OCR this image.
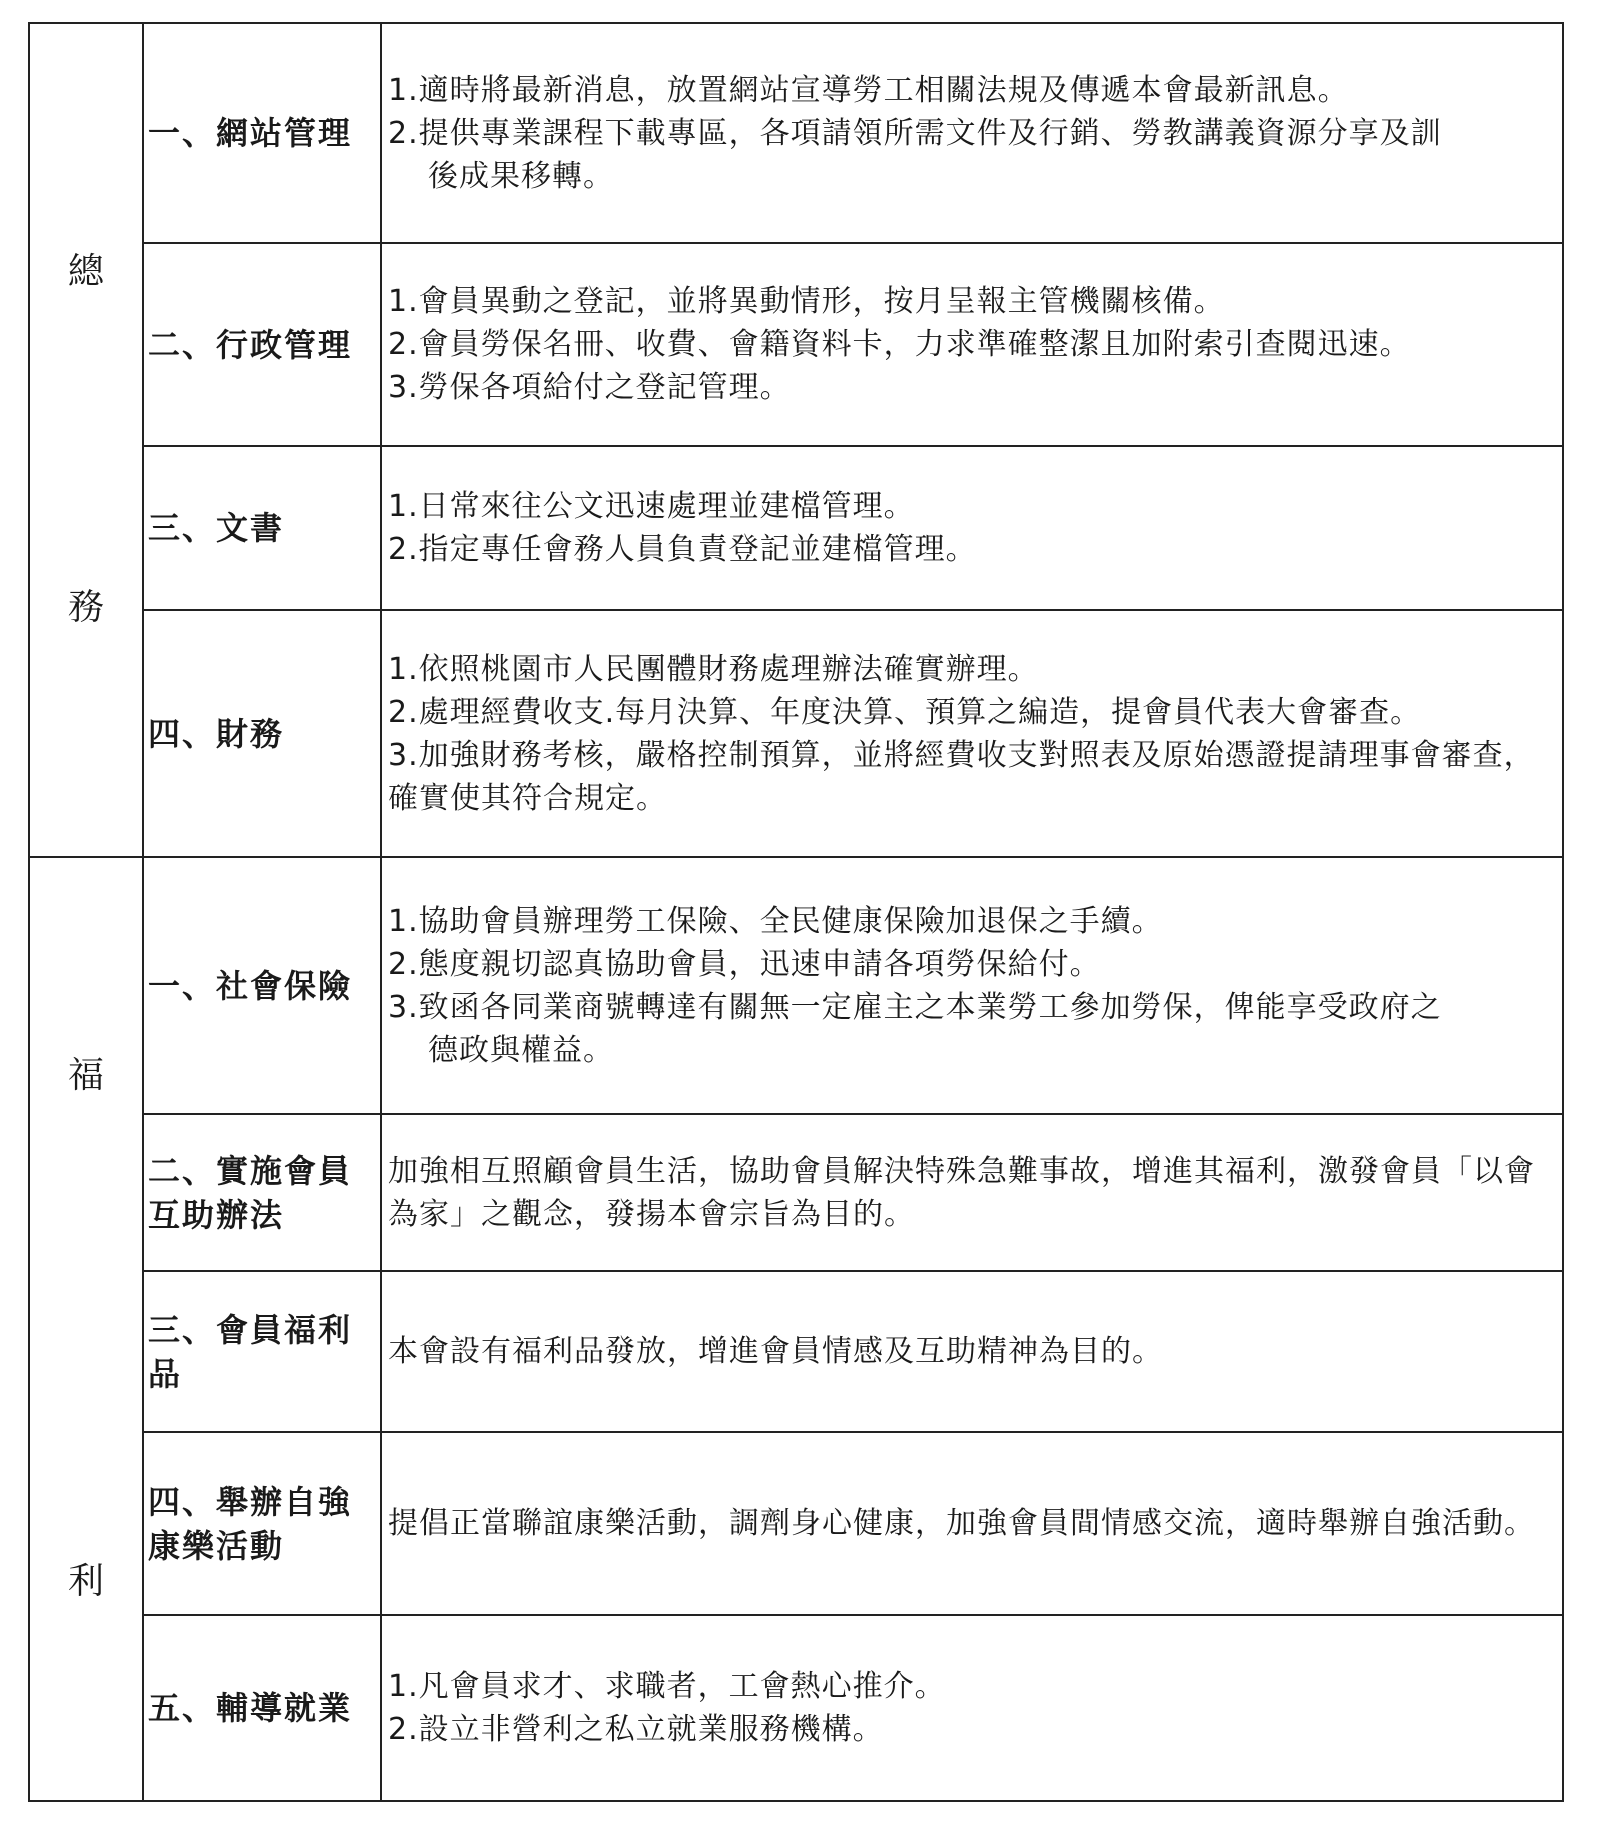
總
務
一、網站管理
1.適時將最新消息，放置網站宣導勞工相關法規及傳遞本會最新訊息。
2.提供專業課程下載專區，各項請領所需文件及行銷、勞教講義資源分享及訓
後成果移轉。
二、行政管理
1.會員異動之登記，並將異動情形，按月呈報主管機關核備。
2.會員勞保名冊、收費、會籍資料卡，力求準確整潔且加附索引查閱迅速。
3.勞保各項給付之登記管理。
三、文書
1.日常來往公文迅速處理並建檔管理。
2.指定專任會務人員負責登記並建檔管理。
四、財務
1.依照桃園市人民團體財務處理辦法確實辦理。
2.處理經費收支.每月決算、年度決算、預算之編造，提會員代表大會審查。
3.加強財務考核，嚴格控制預算，並將經費收支對照表及原始憑證提請理事會審查，確實使其符合規定。
福
利
一、社會保險
1.協助會員辦理勞工保險、全民健康保險加退保之手續。
2.態度親切認真協助會員，迅速申請各項勞保給付。
3.致函各同業商號轉達有關無一定雇主之本業勞工參加勞保，俾能享受政府之
德政與權益。
二、實施會員互助辦法
加強相互照顧會員生活，協助會員解決特殊急難事故，增進其福利，激發會員「以會為家」之觀念，發揚本會宗旨為目的。
三、會員福利品
本會設有福利品發放，增進會員情感及互助精神為目的。
四、舉辦自強康樂活動
提倡正當聯誼康樂活動，調劑身心健康，加強會員間情感交流，適時舉辦自強活動。
五、輔導就業
1.凡會員求才、求職者，工會熱心推介。
2.設立非營利之私立就業服務機構。
